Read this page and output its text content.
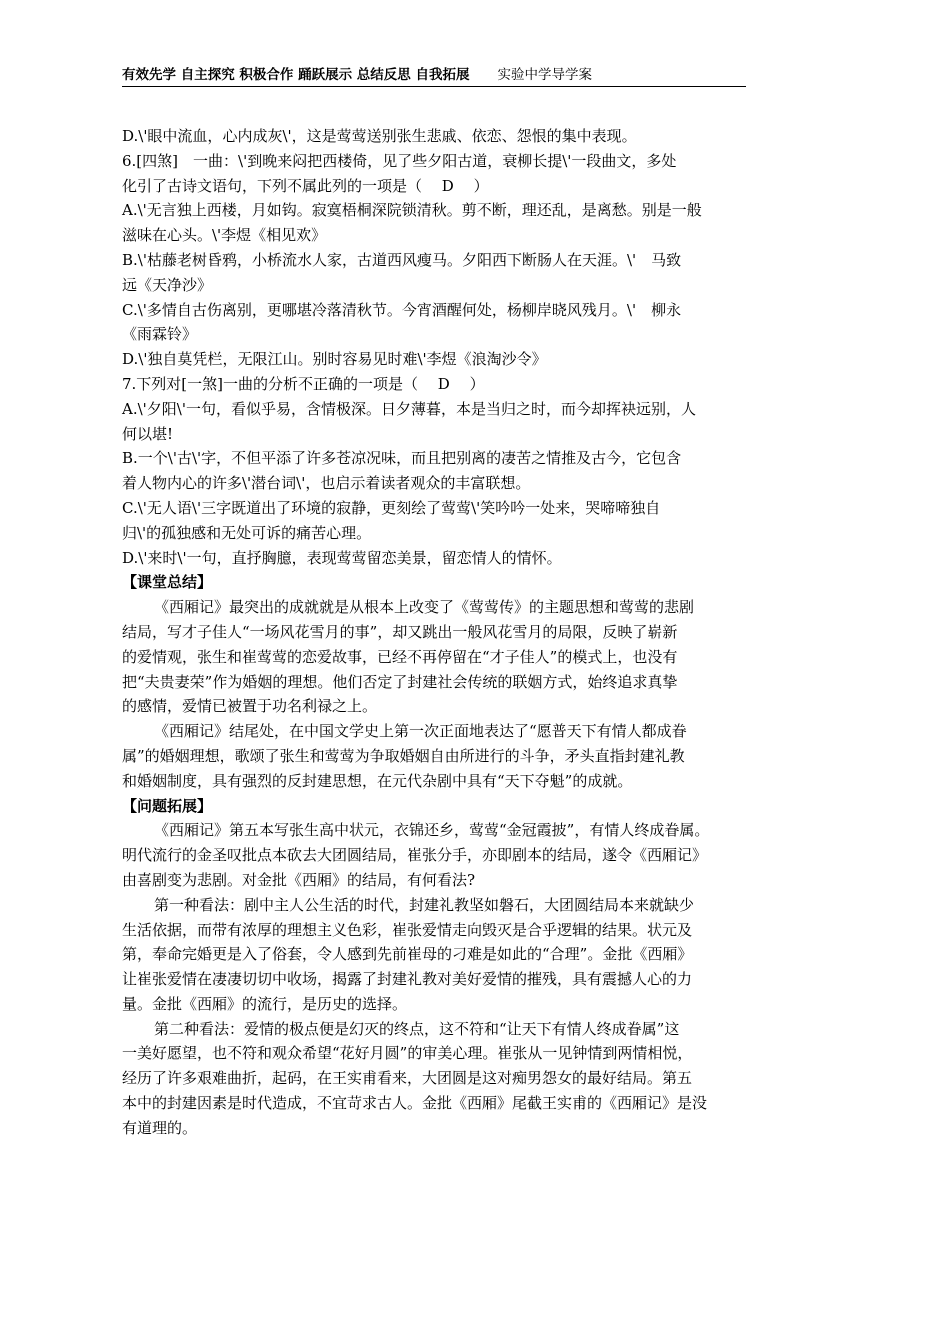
有效先学 自主探究 积极合作 踊跃展示 总结反思 自我拓展 实验中学导学案

D.\'眼中流血，心内成灰\'，这是莺莺送别张生悲戚、依恋、怨恨的集中表现。

6.[四煞]　一曲：\'到晚来闷把西楼倚，见了些夕阳古道，衰柳长提\'一段曲文，多处

化引了古诗文语句，下列不属此列的一项是（　 D　 ）

A.\'无言独上西楼，月如钩。寂寞梧桐深院锁清秋。剪不断，理还乱，是离愁。别是一般

滋味在心头。\'李煜《相见欢》

B.\'枯藤老树昏鸦，小桥流水人家，古道西风瘦马。夕阳西下断肠人在天涯。\'　马致

远《天净沙》

C.\'多情自古伤离别，更哪堪冷落清秋节。今宵酒醒何处，杨柳岸晓风残月。\'　柳永

《雨霖铃》

D.\'独自莫凭栏，无限江山。别时容易见时难\'李煜《浪淘沙令》

7.下列对[一煞]一曲的分析不正确的一项是（　 D　 ）

A.\'夕阳\'一句，看似乎易，含情极深。日夕薄暮，本是当归之时，而今却挥袂远别，人

何以堪!

B.一个\'古\'字，不但平添了许多苍凉况味，而且把别离的凄苦之情推及古今，它包含

着人物内心的许多\'潜台词\'，也启示着读者观众的丰富联想。

C.\'无人语\'三字既道出了环境的寂静，更刻绘了莺莺\'笑吟吟一处来，哭啼啼独自

归\'的孤独感和无处可诉的痛苦心理。

D.\'来时\'一句，直抒胸臆，表现莺莺留恋美景，留恋情人的情怀。

【课堂总结】

《西厢记》最突出的成就就是从根本上改变了《莺莺传》的主题思想和莺莺的悲剧

结局，写才子佳人“一场风花雪月的事”，却又跳出一般风花雪月的局限，反映了崭新

的爱情观，张生和崔莺莺的恋爱故事，已经不再停留在“才子佳人”的模式上，也没有

把“夫贵妻荣”作为婚姻的理想。他们否定了封建社会传统的联姻方式，始终追求真挚

的感情，爱情已被置于功名利禄之上。

《西厢记》结尾处，在中国文学史上第一次正面地表达了“愿普天下有情人都成眷

属”的婚姻理想，歌颂了张生和莺莺为争取婚姻自由所进行的斗争，矛头直指封建礼教

和婚姻制度，具有强烈的反封建思想，在元代杂剧中具有“天下夺魁”的成就。

【问题拓展】

《西厢记》第五本写张生高中状元，衣锦还乡，莺莺“金冠霞披”，有情人终成眷属。

明代流行的金圣叹批点本砍去大团圆结局，崔张分手，亦即剧本的结局，遂令《西厢记》

由喜剧变为悲剧。对金批《西厢》的结局，有何看法?

第一种看法：剧中主人公生活的时代，封建礼教坚如磐石，大团圆结局本来就缺少

生活依据，而带有浓厚的理想主义色彩，崔张爱情走向毁灭是合乎逻辑的结果。状元及

第，奉命完婚更是入了俗套，令人感到先前崔母的刁难是如此的“合理”。金批《西厢》

让崔张爱情在凄凄切切中收场，揭露了封建礼教对美好爱情的摧残，具有震撼人心的力

量。金批《西厢》的流行，是历史的选择。

第二种看法：爱情的极点便是幻灭的终点，这不符和“让天下有情人终成眷属”这

一美好愿望，也不符和观众希望“花好月圆”的审美心理。崔张从一见钟情到两情相悦，

经历了许多艰难曲折，起码，在王实甫看来，大团圆是这对痴男怨女的最好结局。第五

本中的封建因素是时代造成，不宜苛求古人。金批《西厢》尾截王实甫的《西厢记》是没

有道理的。
